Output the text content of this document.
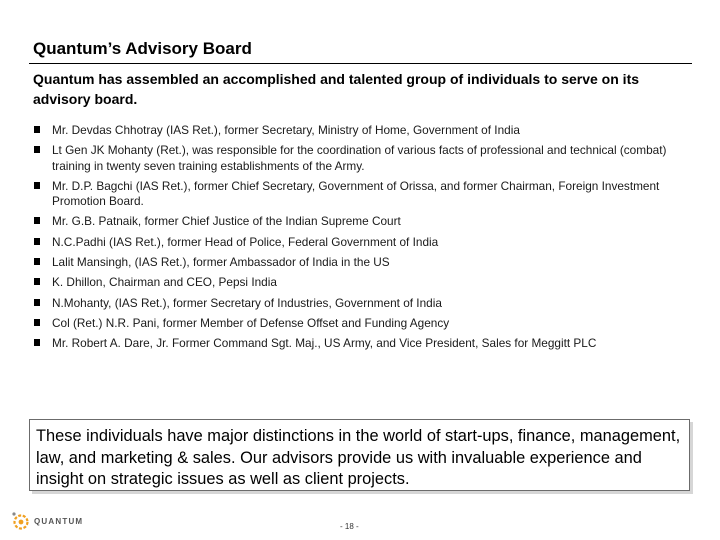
Quantum’s Advisory Board
Quantum has assembled an accomplished and talented group of individuals to serve on its advisory board.
Mr. Devdas Chhotray (IAS Ret.), former Secretary, Ministry of Home, Government of India
Lt Gen JK Mohanty (Ret.), was responsible for the coordination of various facts of professional and technical (combat) training in twenty seven training establishments of the Army.
Mr. D.P. Bagchi (IAS Ret.), former Chief Secretary, Government of Orissa, and former Chairman, Foreign Investment Promotion Board.
Mr. G.B. Patnaik, former Chief Justice of the Indian Supreme Court
N.C.Padhi (IAS Ret.), former Head of Police, Federal Government of India
Lalit Mansingh, (IAS Ret.), former Ambassador of India in the US
K. Dhillon, Chairman and CEO, Pepsi India
N.Mohanty, (IAS Ret.), former Secretary of Industries, Government of India
Col (Ret.) N.R. Pani, former Member of Defense Offset and Funding Agency
Mr. Robert A. Dare, Jr. Former Command Sgt. Maj., US Army, and Vice President, Sales for Meggitt PLC
These individuals have major distinctions in the world of start-ups, finance, management, law, and marketing & sales. Our advisors provide us with invaluable experience and insight on strategic issues as well as client projects.
QUANTUM
- 18 -
